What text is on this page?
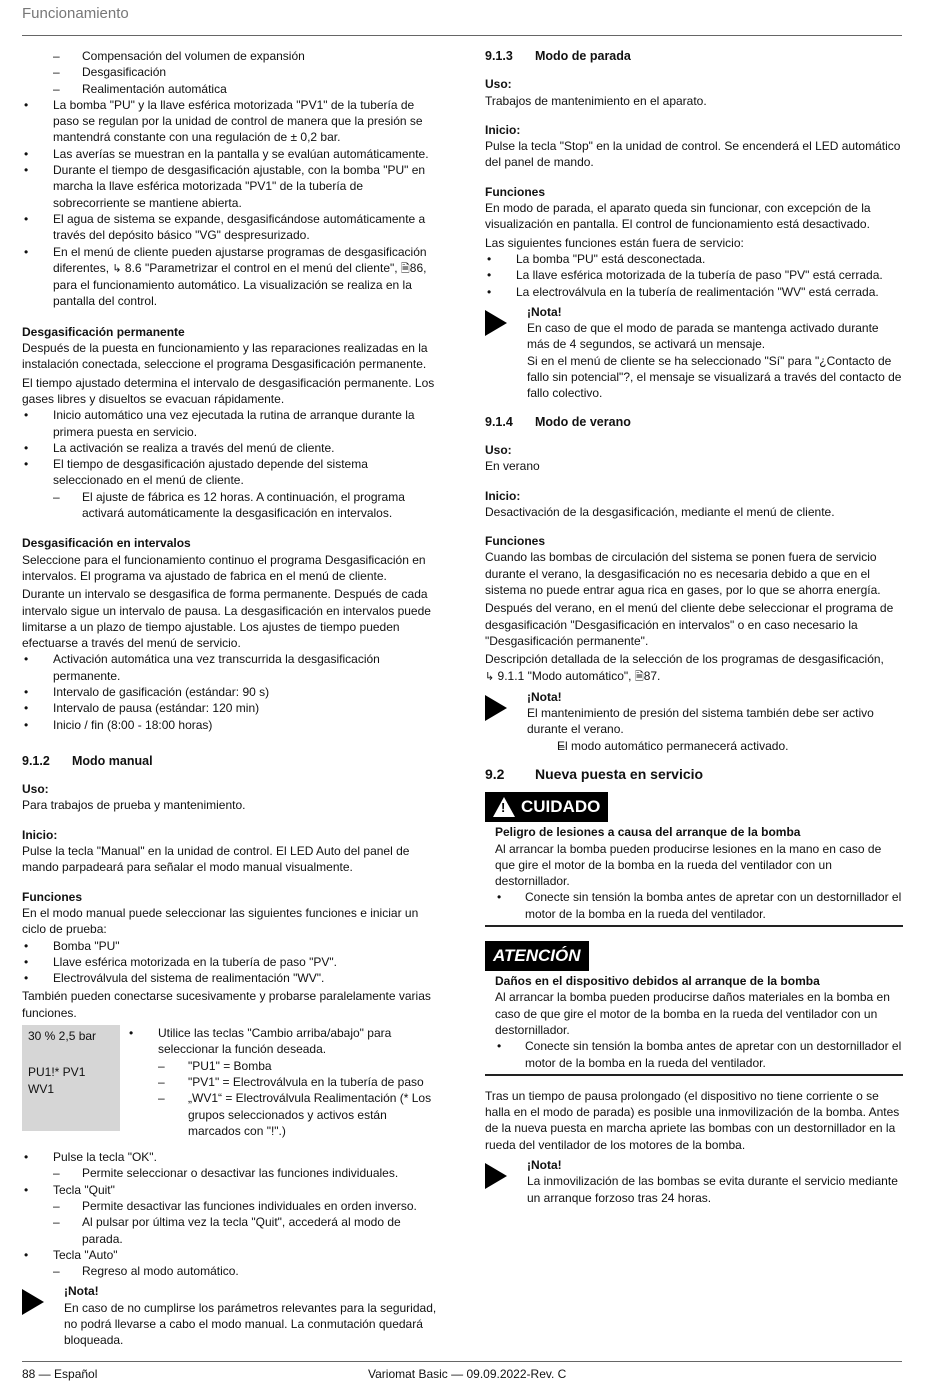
Funcionamiento
– Compensación del volumen de expansión
– Desgasificación
– Realimentación automática
• La bomba "PU" y la llave esférica motorizada "PV1" de la tubería de paso se regulan por la unidad de control de manera que la presión se mantendrá constante con una regulación de ± 0,2 bar.
• Las averías se muestran en la pantalla y se evalúan automáticamente.
• Durante el tiempo de desgasificación ajustable, con la bomba "PU" en marcha la llave esférica motorizada "PV1" de la tubería de sobrecorriente se mantiene abierta.
• El agua de sistema se expande, desgasificándose automáticamente a través del depósito básico "VG" despresurizado.
• En el menú de cliente pueden ajustarse programas de desgasificación diferentes, ↳ 8.6 "Parametrizar el control en el menú del cliente", 🗎86, para el funcionamiento automático. La visualización se realiza en la pantalla del control.
Desgasificación permanente
Después de la puesta en funcionamiento y las reparaciones realizadas en la instalación conectada, seleccione el programa Desgasificación permanente.
El tiempo ajustado determina el intervalo de desgasificación permanente. Los gases libres y disueltos se evacuan rápidamente.
• Inicio automático una vez ejecutada la rutina de arranque durante la primera puesta en servicio.
• La activación se realiza a través del menú de cliente.
• El tiempo de desgasificación ajustado depende del sistema seleccionado en el menú de cliente.
– El ajuste de fábrica es 12 horas. A continuación, el programa activará automáticamente la desgasificación en intervalos.
Desgasificación en intervalos
Seleccione para el funcionamiento continuo el programa Desgasificación en intervalos. El programa va ajustado de fabrica en el menú de cliente.
Durante un intervalo se desgasifica de forma permanente. Después de cada intervalo sigue un intervalo de pausa. La desgasificación en intervalos puede limitarse a un plazo de tiempo ajustable. Los ajustes de tiempo pueden efectuarse a través del menú de servicio.
• Activación automática una vez transcurrida la desgasificación permanente.
• Intervalo de gasificación (estándar: 90 s)
• Intervalo de pausa (estándar: 120 min)
• Inicio / fin (8:00 - 18:00 horas)
9.1.2	Modo manual
Uso:
Para trabajos de prueba y mantenimiento.
Inicio:
Pulse la tecla "Manual" en la unidad de control. El LED Auto del panel de mando parpadeará para señalar el modo manual visualmente.
Funciones
En el modo manual puede seleccionar las siguientes funciones e iniciar un ciclo de prueba:
• Bomba "PU"
• Llave esférica motorizada en la tubería de paso "PV".
• Electroválvula del sistema de realimentación "WV".
También pueden conectarse sucesivamente y probarse paralelamente varias funciones.
30 % 2,5 bar
PU1!* PV1 WV1
• Utilice las teclas "Cambio arriba/abajo" para seleccionar la función deseada.
– "PU1" = Bomba
– "PV1" = Electroválvula en la tubería de paso
– „WV1“ = Electroválvula Realimentación (* Los grupos seleccionados y activos están marcados con "!".)
• Pulse la tecla "OK".
– Permite seleccionar o desactivar las funciones individuales.
• Tecla "Quit"
– Permite desactivar las funciones individuales en orden inverso.
– Al pulsar por última vez la tecla "Quit", accederá al modo de parada.
• Tecla "Auto"
– Regreso al modo automático.
¡Nota!
En caso de no cumplirse los parámetros relevantes para la seguridad, no podrá llevarse a cabo el modo manual. La conmutación quedará bloqueada.
9.1.3	Modo de parada
Uso:
Trabajos de mantenimiento en el aparato.
Inicio:
Pulse la tecla "Stop" en la unidad de control. Se encenderá el LED automático del panel de mando.
Funciones
En modo de parada, el aparato queda sin funcionar, con excepción de la visualización en pantalla. El control de funcionamiento está desactivado.
Las siguientes funciones están fuera de servicio:
• La bomba "PU" está desconectada.
• La llave esférica motorizada de la tubería de paso "PV" está cerrada.
• La electroválvula en la tubería de realimentación "WV" está cerrada.
¡Nota!
En caso de que el modo de parada se mantenga activado durante más de 4 segundos, se activará un mensaje.
Si en el menú de cliente se ha seleccionado "Sí" para "¿Contacto de fallo sin potencial"?, el mensaje se visualizará a través del contacto de fallo colectivo.
9.1.4	Modo de verano
Uso:
En verano
Inicio:
Desactivación de la desgasificación, mediante el menú de cliente.
Funciones
Cuando las bombas de circulación del sistema se ponen fuera de servicio durante el verano, la desgasificación no es necesaria debido a que en el sistema no puede entrar agua rica en gases, por lo que se ahorra energía.
Después del verano, en el menú del cliente debe seleccionar el programa de desgasificación "Desgasificación en intervalos" o en caso necesario la "Desgasificación permanente".
Descripción detallada de la selección de los programas de desgasificación,
↳ 9.1.1 "Modo automático", 🗎87.
¡Nota!
El mantenimiento de presión del sistema también debe ser activo durante el verano.
– El modo automático permanecerá activado.
9.2	Nueva puesta en servicio
!
CUIDADO
Peligro de lesiones a causa del arranque de la bomba
Al arrancar la bomba pueden producirse lesiones en la mano en caso de que gire el motor de la bomba en la rueda del ventilador con un destornillador.
• Conecte sin tensión la bomba antes de apretar con un destornillador el motor de la bomba en la rueda del ventilador.
ATENCIÓN
Daños en el dispositivo debidos al arranque de la bomba
Al arrancar la bomba pueden producirse daños materiales en la bomba en caso de que gire el motor de la bomba en la rueda del ventilador con un destornillador.
• Conecte sin tensión la bomba antes de apretar con un destornillador el motor de la bomba en la rueda del ventilador.
Tras un tiempo de pausa prolongado (el dispositivo no tiene corriente o se halla en el modo de parada) es posible una inmovilización de la bomba. Antes de la nueva puesta en marcha apriete las bombas con un destornillador en la rueda del ventilador de los motores de la bomba.
¡Nota!
La inmovilización de las bombas se evita durante el servicio mediante un arranque forzoso tras 24 horas.
88 — Español	Variomat Basic — 09.09.2022-Rev. C
